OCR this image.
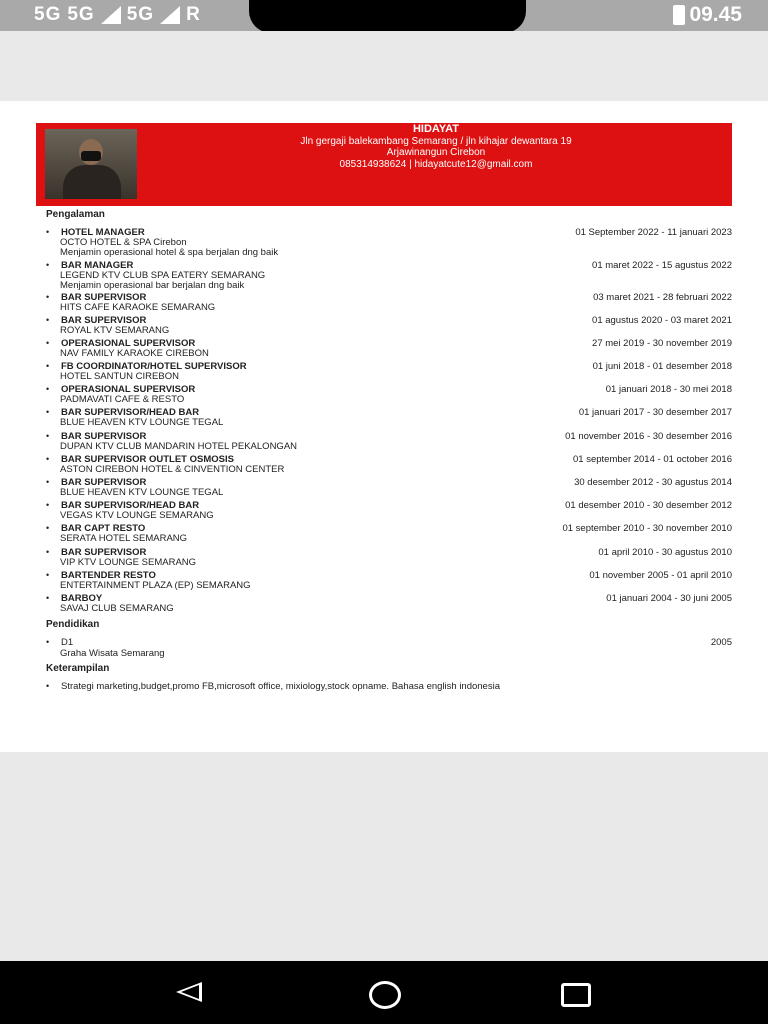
5G 5G 5G R	09.45
HIDAYAT
Jln gergaji balekambang Semarang / jln kihajar dewantara 19
Arjawinangun Cirebon
085314938624 | hidayatcute12@gmail.com
Pengalaman
• HOTEL MANAGER	01 September 2022 - 11 januari 2023
OCTO HOTEL & SPA Cirebon
Menjamin operasional hotel & spa berjalan dng baik
• BAR MANAGER	01 maret 2022 - 15 agustus 2022
LEGEND KTV CLUB SPA EATERY SEMARANG
Menjamin operasional bar berjalan dng baik
• BAR SUPERVISOR	03 maret 2021 - 28 februari 2022
HITS CAFE KARAOKE SEMARANG
• BAR SUPERVISOR	01 agustus 2020 - 03 maret 2021
ROYAL KTV SEMARANG
• OPERASIONAL SUPERVISOR	27 mei 2019 - 30 november 2019
NAV FAMILY KARAOKE CIREBON
• FB COORDINATOR/HOTEL SUPERVISOR	01 juni 2018 - 01 desember 2018
HOTEL SANTUN CIREBON
• OPERASIONAL SUPERVISOR	01 januari 2018 - 30 mei 2018
PADMAVATI CAFE & RESTO
• BAR SUPERVISOR/HEAD BAR	01 januari 2017 - 30 desember 2017
BLUE HEAVEN KTV LOUNGE TEGAL
• BAR SUPERVISOR	01 november 2016 - 30 desember 2016
DUPAN KTV CLUB MANDARIN HOTEL PEKALONGAN
• BAR SUPERVISOR OUTLET OSMOSIS	01 september 2014 - 01 october 2016
ASTON CIREBON HOTEL & CINVENTION CENTER
• BAR SUPERVISOR	30 desember 2012 - 30 agustus 2014
BLUE HEAVEN KTV LOUNGE TEGAL
• BAR SUPERVISOR/HEAD BAR	01 desember 2010 - 30 desember 2012
VEGAS KTV LOUNGE SEMARANG
• BAR CAPT RESTO	01 september 2010 - 30 november 2010
SERATA HOTEL SEMARANG
• BAR SUPERVISOR	01 april 2010 - 30 agustus 2010
VIP KTV LOUNGE SEMARANG
• BARTENDER RESTO	01 november 2005 - 01 april 2010
ENTERTAINMENT PLAZA (EP) SEMARANG
• BARBOY	01 januari 2004 - 30 juni 2005
SAVAJ CLUB SEMARANG
Pendidikan
• D1	2005
Graha Wisata Semarang
Keterampilan
• Strategi marketing,budget,promo FB,microsoft office, mixiology,stock opname. Bahasa english indonesia
